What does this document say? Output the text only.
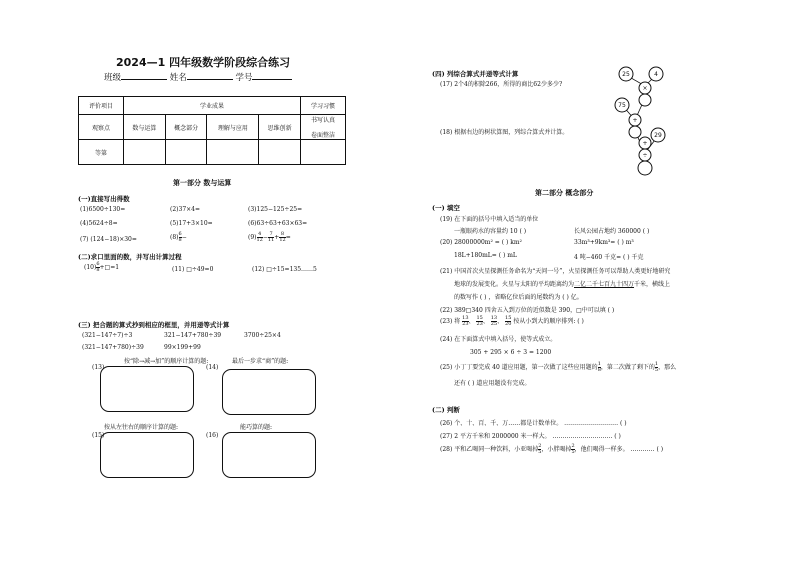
2024—1 四年级数学阶段综合练习
班级	姓名	学号
评价项目	学业成果				学习习惯
观察点	数与运算	概念部分	理解与应用	思维创新	书写认真
卷面整洁

等第					
第一部分 数与运算
(一)直接写出得数
(1)6500÷130=	(2)37×4=	(3)125−125÷25=
(4)5624÷8=	(5)17+3×10=	(6)63÷63+63×63=
(7) (124−18)×30=	$(8) \frac{6}{8}$ −	$(9) \frac{4}{12} - \frac{7}{11} + \frac{8}{12}$ =
(二)求口里面的数，并写出计算过程
$(10) \frac{6}{8}$ +□=1	(11) □÷49=0	(12) □÷15=135……5
(三) 把合题的算式抄到相应的框里，并用递等式计算
(321−147÷7)÷3	321−147+780÷39	3700÷25×4
(321−147+780)÷39	99×199+99
(13)
按“除→减→加”的顺序计算的题:
(14)
最后一步求“商”的题:
(15)
按从左往右的顺序计算的题:
(16)
能巧算的题:
(四) 列综合算式并递等式计算
(17) 2个4的积除266，所得的商比62少多少?
(18) 根据右边的树状算图，列综合算式并计算。
25	4
×
75
+
+
29
÷
第二部分 概念部分
(一) 填空
(19) 在下面的括号中填入适当的单位
一瓶眼药水的容量约 10 ( )	长风公园占地约 360000 ( )
(20) 28000000m² = ( ) km²	33m³+9km³= ( ) m³
18L+180mL= ( ) mL	4 吨−460 千克= ( ) 千克
(21) 中国首次火星探测任务命名为“天问一号”，火星探测任务可以帮助人类更好地研究
地球的发展变化。火星与太阳的平均距离约为二亿二千七百九十四万千米，横线上
的数写作 ( ) ，省略亿位后面的尾数约为 ( ) 亿。
(22) 389□340 四舍五入到万位的近似数是 390，□中可以填 ( )
(23) 将 $\frac{13}{23}$ 、 $\frac{15}{23}$ 、 $\frac{13}{25}$ 、 $\frac{15}{20}$ 按从小到大的顺序排列: ( )
(24) 在下面算式中填入括号，使等式成立。
305 + 295 × 6 ÷ 3 = 1200
(25) 小丁丁要完成 40 道应用题，第一次做了这些应用题的 $\frac{1}{8}$ ，第二次做了剩下的 $\frac{1}{5}$ ，那么
还有 ( ) 道应用题没有完成。
(二) 判断
(26) 个、十、百、千、万……都是计数单位。 ……………………… ( )
(27) 2 平方千米和 2000000 米一样大。 ………………………… ( )
(28) 平和乙喝同一种饮料，小亚喝掉 $\frac{2}{5}$ ，小胖喝掉 $\frac{2}{5}$ ，他们喝得一样多。 ………… ( )
